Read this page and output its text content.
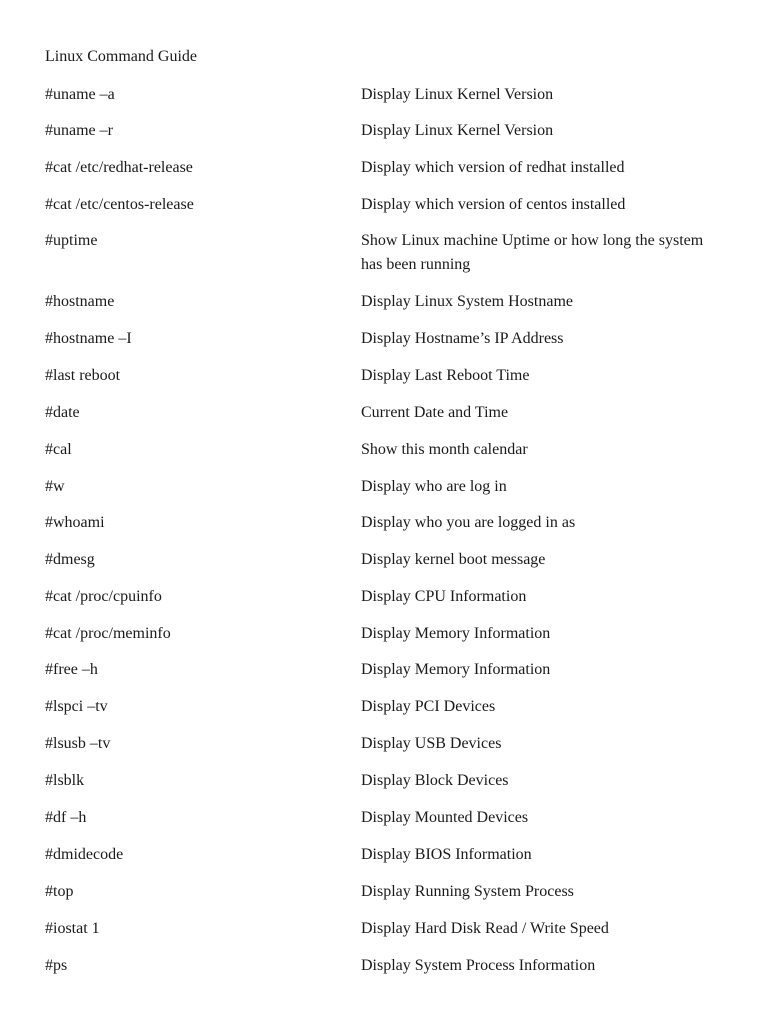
Linux Command Guide
#uname –a	Display Linux Kernel Version
#uname –r	Display Linux Kernel Version
#cat /etc/redhat-release	Display which version of redhat installed
#cat /etc/centos-release	Display which version of centos installed
#uptime	Show Linux machine Uptime or how long the system has been running
#hostname	Display Linux System Hostname
#hostname –I	Display Hostname’s IP Address
#last reboot	Display Last Reboot Time
#date	Current Date and Time
#cal	Show this month calendar
#w	Display who are log in
#whoami	Display who you are logged in as
#dmesg	Display kernel boot message
#cat /proc/cpuinfo	Display CPU Information
#cat /proc/meminfo	Display Memory Information
#free –h	Display Memory Information
#lspci –tv	Display PCI Devices
#lsusb –tv	Display USB Devices
#lsblk	Display Block Devices
#df –h	Display Mounted Devices
#dmidecode	Display BIOS Information
#top	Display Running System Process
#iostat 1	Display Hard Disk Read / Write Speed
#ps	Display System Process Information
